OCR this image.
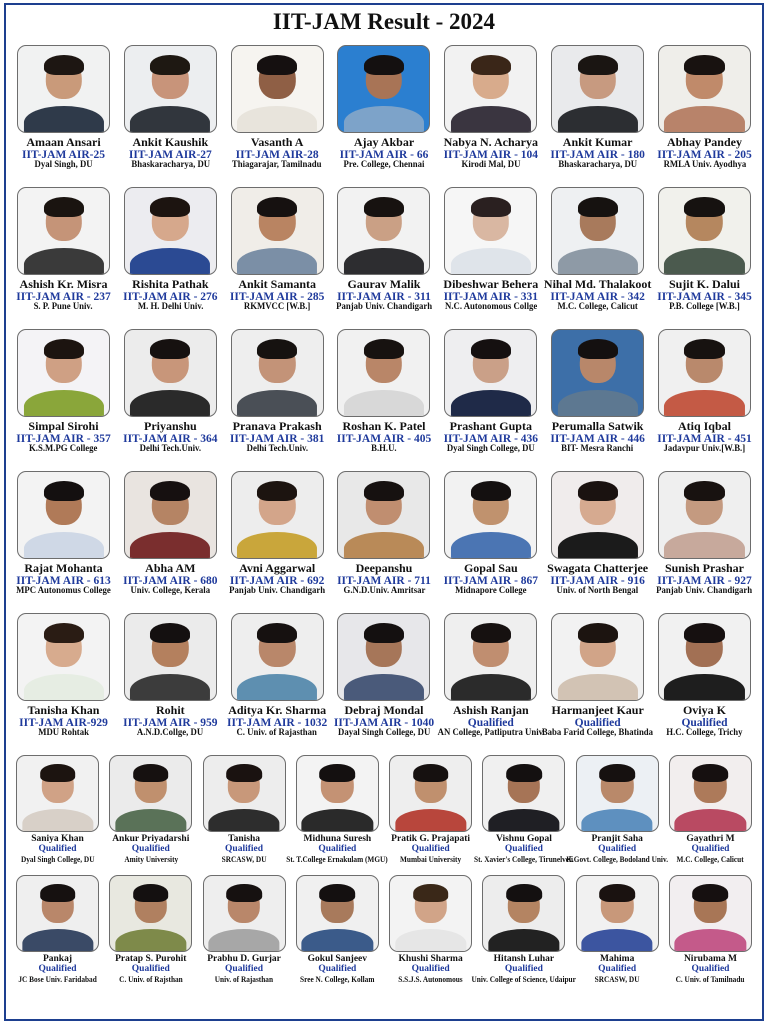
IIT-JAM Result - 2024
Amaan Ansari
IIT-JAM AIR-25
Dyal Singh, DU
Ankit Kaushik
IIT-JAM AIR-27
Bhaskaracharya, DU
Vasanth A
IIT-JAM AIR-28
Thiagarajar, Tamilnadu
Ajay Akbar
IIT-JAM AIR - 66
Pre. College, Chennai
Nabya N. Acharya
IIT-JAM AIR - 104
Kirodi Mal, DU
Ankit Kumar
IIT-JAM AIR - 180
Bhaskaracharya, DU
Abhay Pandey
IIT-JAM AIR - 205
RMLA Univ. Ayodhya
Ashish Kr. Misra
IIT-JAM AIR - 237
S. P. Pune Univ.
Rishita Pathak
IIT-JAM AIR - 276
M. H. Delhi Univ.
Ankit Samanta
IIT-JAM AIR - 285
RKMVCC [W.B.]
Gaurav Malik
IIT-JAM AIR - 311
Panjab Univ. Chandigarh
Dibeshwar Behera
IIT-JAM AIR - 331
N.C. Autonomous Collge
Nihal Md. Thalakoot
IIT-JAM AIR - 342
M.C. College, Calicut
Sujit K. Dalui
IIT-JAM AIR - 345
P.B. College [W.B.]
Simpal Sirohi
IIT-JAM AIR - 357
K.S.M.PG College
Priyanshu
IIT-JAM AIR - 364
Delhi Tech.Univ.
Pranava Prakash
IIT-JAM AIR - 381
Delhi Tech.Univ.
Roshan K. Patel
IIT-JAM AIR - 405
B.H.U.
Prashant Gupta
IIT-JAM AIR - 436
Dyal Singh College, DU
Perumalla Satwik
IIT-JAM AIR - 446
BIT- Mesra Ranchi
Atiq Iqbal
IIT-JAM AIR - 451
Jadavpur Univ.[W.B.]
Rajat Mohanta
IIT-JAM AIR - 613
MPC Autonomus College
Abha AM
IIT-JAM AIR - 680
Univ. College, Kerala
Avni Aggarwal
IIT-JAM AIR - 692
Panjab Univ. Chandigarh
Deepanshu
IIT-JAM AIR - 711
G.N.D.Univ. Amritsar
Gopal Sau
IIT-JAM AIR - 867
Midnapore College
Swagata Chatterjee
IIT-JAM AIR - 916
Univ. of North Bengal
Sunish Prashar
IIT-JAM AIR - 927
Panjab Univ. Chandigarh
Tanisha Khan
IIT-JAM AIR-929
MDU Rohtak
Rohit
IIT-JAM AIR - 959
A.N.D.Collge, DU
Aditya Kr. Sharma
IIT-JAM AIR - 1032
C. Univ. of Rajasthan
Debraj Mondal
IIT-JAM AIR - 1040
Dayal Singh College, DU
Ashish Ranjan
Qualified
AN College, Patliputra Univ.
Harmanjeet Kaur
Qualified
Baba Farid College, Bhatinda
Oviya K
Qualified
H.C. College, Trichy
Saniya Khan
Qualified
Dyal Singh College, DU
Ankur Priyadarshi
Qualified
Amity University
Tanisha
Qualified
SRCASW, DU
Midhuna Suresh
Qualified
St. T.College Ernakulam (MGU)
Pratik G. Prajapati
Qualified
Mumbai University
Vishnu Gopal
Qualified
St. Xavier's College, Tirunelveli
Pranjit Saha
Qualified
K.Govt. College, Bodoland Univ.
Gayathri M
Qualified
M.C. College, Calicut
Pankaj
Qualified
JC Bose Univ. Faridabad
Pratap S. Purohit
Qualified
C. Univ. of Rajsthan
Prabhu D. Gurjar
Qualified
Univ. of Rajasthan
Gokul Sanjeev
Qualified
Sree N. College, Kollam
Khushi Sharma
Qualified
S.S.J.S. Autonomous
Hitansh Luhar
Qualified
Univ. College of Science, Udaipur
Mahima
Qualified
SRCASW, DU
Nirubama M
Qualified
C. Univ. of Tamilnadu
